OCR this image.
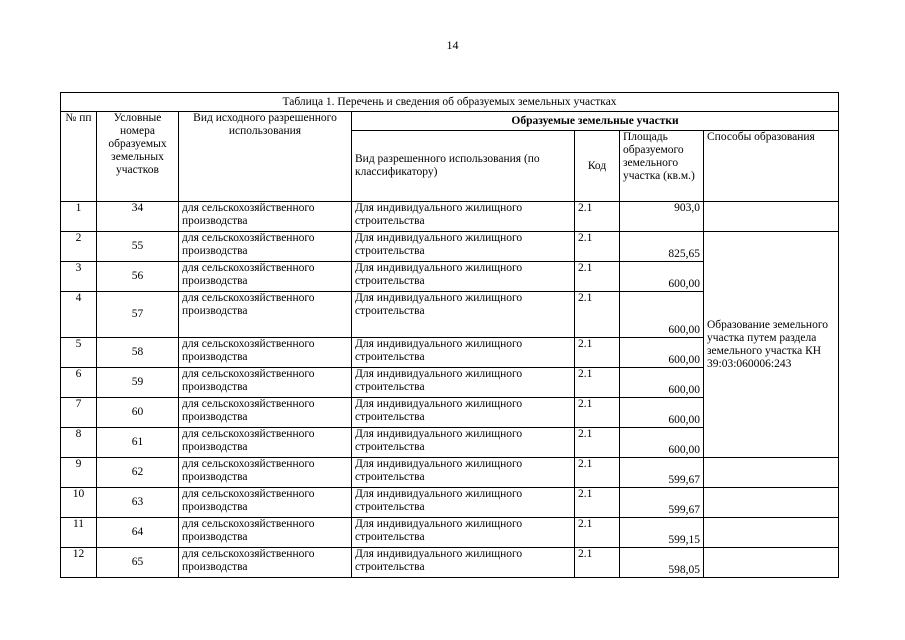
14
Таблица 1. Перечень и сведения об образуемых земельных участках						
№ пп	Условные номера образуемых земельных участков	Вид исходного разрешенного использования	Образуемые земельные участки			
			Вид разрешенного использования (по классификатору)	Код	Площадь образуемого земельного участка (кв.м.)	Способы образования
1	34	для сельскохозяйственного производства	Для индивидуального жилищного строительства	2.1	903,0	
2	55	для сельскохозяйственного производства	Для индивидуального жилищного строительства	2.1	825,65	Образование земельного участка путем раздела земельного участка КН 39:03:060006:243
3	56	для сельскохозяйственного производства	Для индивидуального жилищного строительства	2.1	600,00	
4	57	для сельскохозяйственного производства	Для индивидуального жилищного строительства	2.1	600,00	
5	58	для сельскохозяйственного производства	Для индивидуального жилищного строительства	2.1	600,00	
6	59	для сельскохозяйственного производства	Для индивидуального жилищного строительства	2.1	600,00	
7	60	для сельскохозяйственного производства	Для индивидуального жилищного строительства	2.1	600,00	
8	61	для сельскохозяйственного производства	Для индивидуального жилищного строительства	2.1	600,00	
9	62	для сельскохозяйственного производства	Для индивидуального жилищного строительства	2.1	599,67	
10	63	для сельскохозяйственного производства	Для индивидуального жилищного строительства	2.1	599,67	
11	64	для сельскохозяйственного производства	Для индивидуального жилищного строительства	2.1	599,15	
12	65	для сельскохозяйственного производства	Для индивидуального жилищного строительства	2.1	598,05	
